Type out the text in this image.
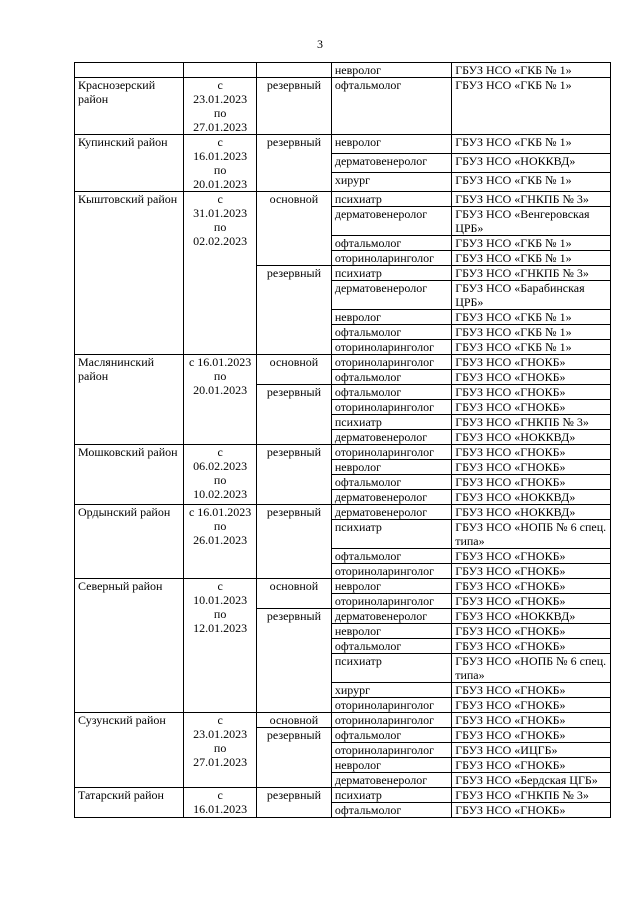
3
			невролог	ГБУЗ НСО «ГКБ № 1»
Краснозерский район	с
23.01.2023
по
27.01.2023	резервный	офтальмолог	ГБУЗ НСО «ГКБ № 1»
Купинский район	с
16.01.2023
по
20.01.2023	резервный	невролог	ГБУЗ НСО «ГКБ № 1»
			дерматовенеролог	ГБУЗ НСО «НОККВД»
			хирург	ГБУЗ НСО «ГКБ № 1»
Кыштовский район	с
31.01.2023
по
02.02.2023	основной	психиатр	ГБУЗ НСО «ГНКПБ № 3»
			дерматовенеролог	ГБУЗ НСО «Венгеровская ЦРБ»
			офтальмолог	ГБУЗ НСО «ГКБ № 1»
			оториноларинголог	ГБУЗ НСО «ГКБ № 1»
		резервный	психиатр	ГБУЗ НСО «ГНКПБ № 3»
			дерматовенеролог	ГБУЗ НСО «Барабинская ЦРБ»
			невролог	ГБУЗ НСО «ГКБ № 1»
			офтальмолог	ГБУЗ НСО «ГКБ № 1»
			оториноларинголог	ГБУЗ НСО «ГКБ № 1»
Маслянинский район	с 16.01.2023
по
20.01.2023	основной	оториноларинголог	ГБУЗ НСО «ГНОКБ»
			офтальмолог	ГБУЗ НСО «ГНОКБ»
		резервный	офтальмолог	ГБУЗ НСО «ГНОКБ»
			оториноларинголог	ГБУЗ НСО «ГНОКБ»
			психиатр	ГБУЗ НСО «ГНКПБ № 3»
			дерматовенеролог	ГБУЗ НСО «НОККВД»
Мошковский район	с
06.02.2023
по
10.02.2023	резервный	оториноларинголог	ГБУЗ НСО «ГНОКБ»
			невролог	ГБУЗ НСО «ГНОКБ»
			офтальмолог	ГБУЗ НСО «ГНОКБ»
			дерматовенеролог	ГБУЗ НСО «НОККВД»
Ордынский район	с 16.01.2023
по
26.01.2023	резервный	дерматовенеролог	ГБУЗ НСО «НОККВД»
			психиатр	ГБУЗ НСО «НОПБ № 6 спец. типа»
			офтальмолог	ГБУЗ НСО «ГНОКБ»
			оториноларинголог	ГБУЗ НСО «ГНОКБ»
Северный район	с
10.01.2023
по
12.01.2023	основной	невролог	ГБУЗ НСО «ГНОКБ»
			оториноларинголог	ГБУЗ НСО «ГНОКБ»
		резервный	дерматовенеролог	ГБУЗ НСО «НОККВД»
			невролог	ГБУЗ НСО «ГНОКБ»
			офтальмолог	ГБУЗ НСО «ГНОКБ»
			психиатр	ГБУЗ НСО «НОПБ № 6 спец. типа»
			хирург	ГБУЗ НСО «ГНОКБ»
			оториноларинголог	ГБУЗ НСО «ГНОКБ»
Сузунский район	с
23.01.2023
по
27.01.2023	основной	оториноларинголог	ГБУЗ НСО «ГНОКБ»
		резервный	офтальмолог	ГБУЗ НСО «ГНОКБ»
			оториноларинголог	ГБУЗ НСО «ИЦГБ»
			невролог	ГБУЗ НСО «ГНОКБ»
			дерматовенеролог	ГБУЗ НСО «Бердская ЦГБ»
Татарский район	с
16.01.2023	резервный	психиатр	ГБУЗ НСО «ГНКПБ № 3»
			офтальмолог	ГБУЗ НСО «ГНОКБ»
